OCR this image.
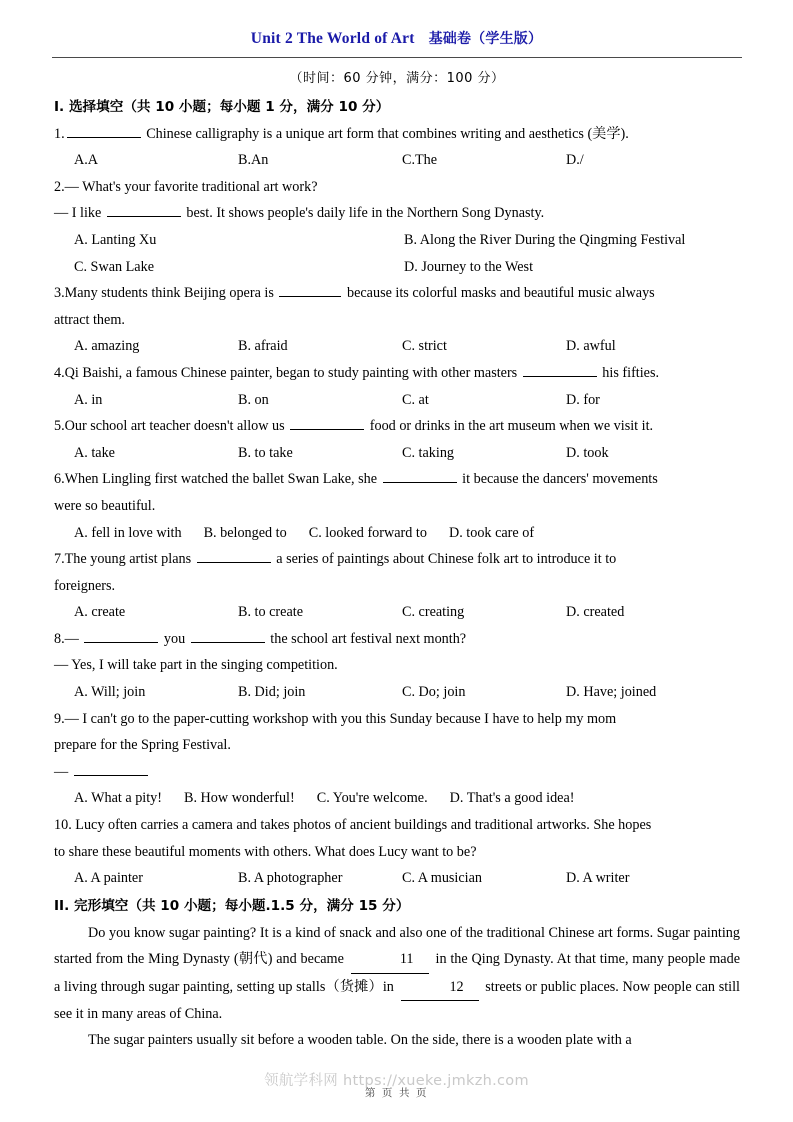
Unit 2 The World of Art 基础卷（学生版）
（时间：60 分钟，满分：100 分）
I. 选择填空（共 10 小题；每小题 1 分，满分 10 分）
1.	Chinese calligraphy is a unique art form that combines writing and aesthetics (美学).
A.A	B.An	C.The	D./
2.— What's your favorite traditional art work?
— I like	best. It shows people's daily life in the Northern Song Dynasty.
A. Lanting Xu	B. Along the River During the Qingming Festival
C. Swan Lake	D. Journey to the West
3.Many students think Beijing opera is	because its colorful masks and beautiful music always
attract them.
A. amazing	B. afraid	C. strict	D. awful
4.Qi Baishi, a famous Chinese painter, began to study painting with other masters	his fifties.
A. in	B. on	C. at	D. for
5.Our school art teacher doesn't allow us	food or drinks in the art museum when we visit it.
A. take	B. to take	C. taking	D. took
6.When Lingling first watched the ballet Swan Lake, she	it because the dancers' movements
were so beautiful.
A. fell in love with B. belonged to C. looked forward to D. took care of
7.The young artist plans	a series of paintings about Chinese folk art to introduce it to
foreigners.
A. create	B. to create	C. creating	D. created
8.—	you	the school art festival next month?
— Yes, I will take part in the singing competition.
A. Will; join	B. Did; join	C. Do; join	D. Have; joined
9.— I can't go to the paper-cutting workshop with you this Sunday because I have to help my mom
prepare for the Spring Festival.
—
A. What a pity! B. How wonderful! C. You're welcome. D. That's a good idea!
10. Lucy often carries a camera and takes photos of ancient buildings and traditional artworks. She hopes
to share these beautiful moments with others. What does Lucy want to be?
A. A painter	B. A photographer	C. A musician	D. A writer
II. 完形填空（共 10 小题；每小题.1.5 分，满分 15 分）
Do you know sugar painting? It is a kind of snack and also one of the traditional Chinese art forms. Sugar painting started from the Ming Dynasty (朝代) and became	11 in the Qing Dynasty. At that time, many people made a living through sugar painting, setting up stalls（货摊）in	12 streets or public places. Now people can still see it in many areas of China.
The sugar painters usually sit before a wooden table. On the side, there is a wooden plate with a
领航学科网 https://xueke.jmkzh.com
第 页 共 页
